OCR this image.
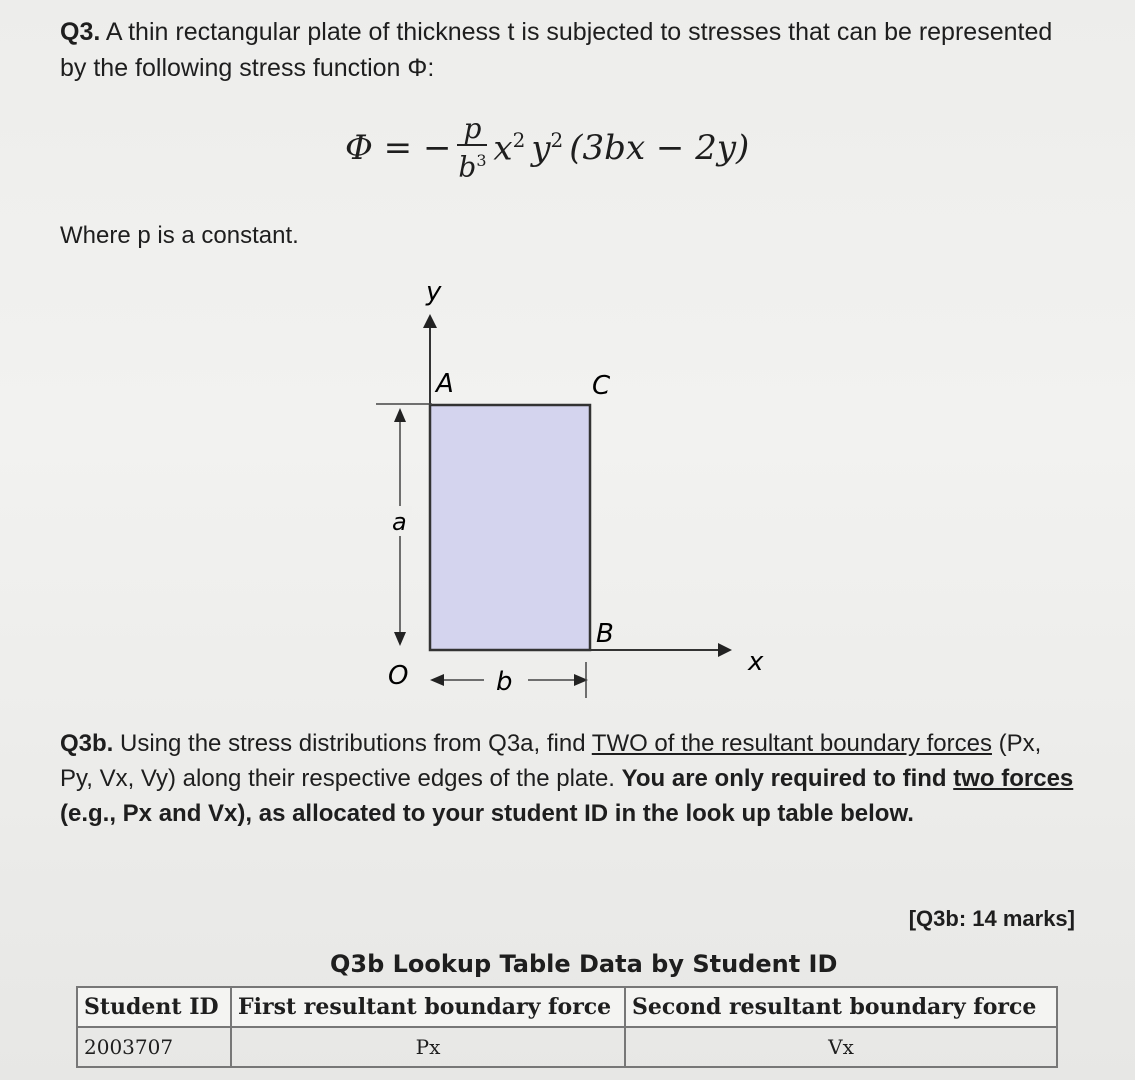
Q3. A thin rectangular plate of thickness t is subjected to stresses that can be represented by the following stress function Φ:
Φ = − $\frac{p}{b^3} x^2$ $y^2$ (3bx − 2y)
Where p is a constant.
y
x
A	C
B
O
a
b
Q3b. Using the stress distributions from Q3a, find TWO of the resultant boundary forces (Px, Py, Vx, Vy) along their respective edges of the plate. You are only required to find two forces (e.g., Px and Vx), as allocated to your student ID in the look up table below.
[Q3b: 14 marks]
Q3b Lookup Table Data by Student ID
Student ID	First resultant boundary force	Second resultant boundary force
2003707	Px	Vx
